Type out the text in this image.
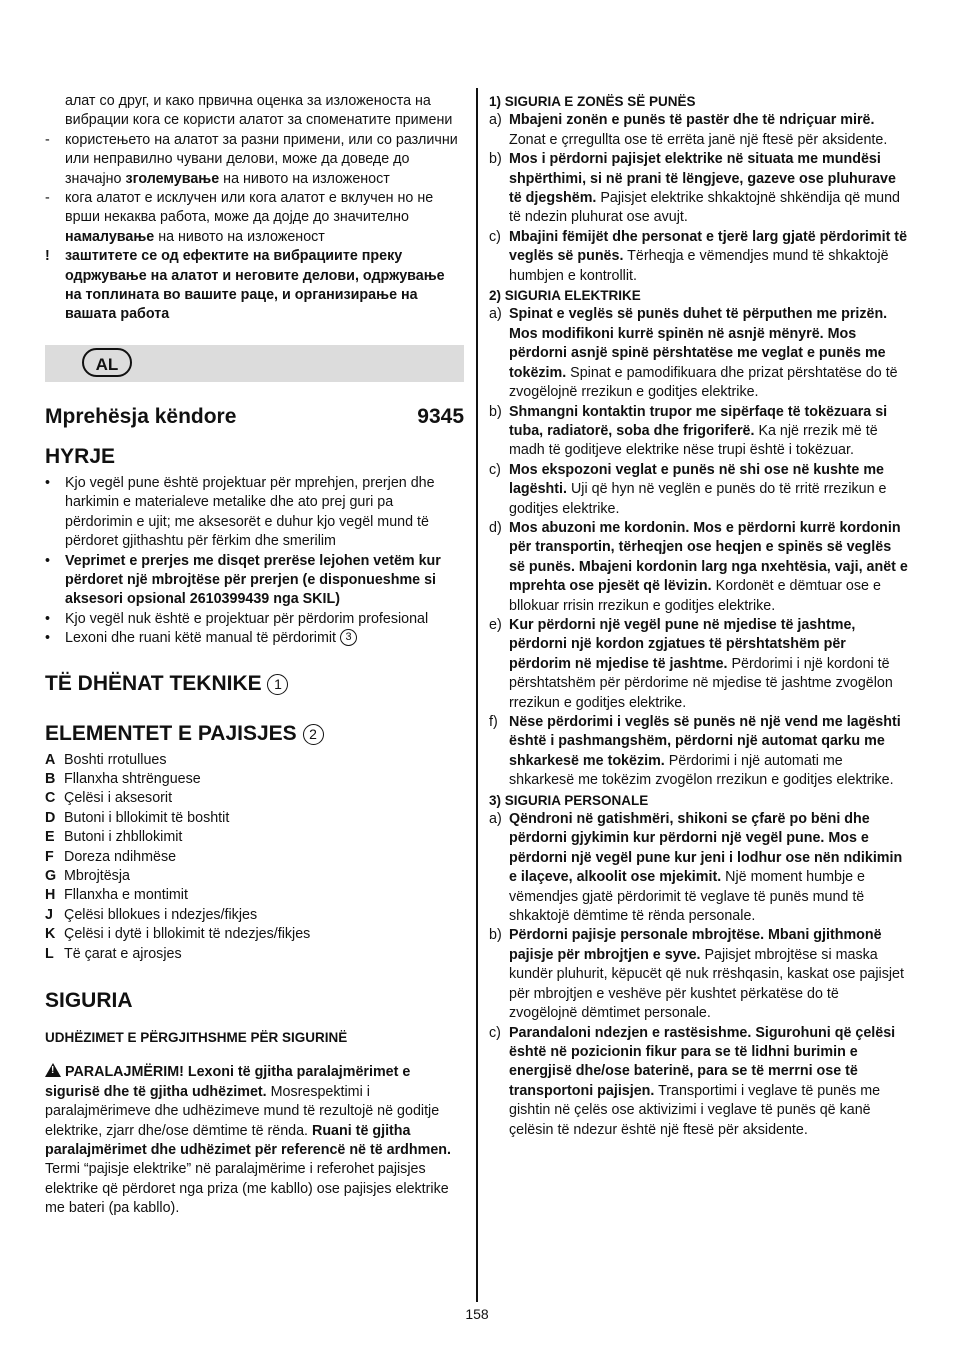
алат со друг, и како првична оценка за изложеноста на вибрации кога се користи алатот за споменатите примени

-	користењето на алатот за разни примени, или со различни или неправилно чувани делови, може да доведе до значајно зголемување на нивото на изложеност
-	кога алатот е исклучен или кога алатот е вклучен но не врши некаква работа, може да дојде до значително намалување на нивото на изложеност
!	заштитете се од ефектите на вибрациите преку одржување на алатот и неговите делови, одржување на топлината во вашите раце, и организирање на вашата работа
AL
Mprehësja këndore	9345
HYRJE
• Kjo vegël pune është projektuar për mprehjen, prerjen dhe harkimin e materialeve metalike dhe ato prej guri pa përdorimin e ujit; me aksesorët e duhur kjo vegël mund të përdoret gjithashtu për fërkim dhe smerilim
• Veprimet e prerjes me disqet prerëse lejohen vetëm kur përdoret një mbrojtëse për prerjen (e disponueshme si aksesori opsional 2610399439 nga SKIL)
• Kjo vegël nuk është e projektuar për përdorim profesional
• Lexoni dhe ruani këtë manual të përdorimit 3
TË DHËNAT TEKNIKE 1
ELEMENTET E PAJISJES 2
A Boshti rrotullues
B Fllanxha shtrënguese
C Çelësi i aksesorit
D Butoni i bllokimit të boshtit
E Butoni i zhbllokimit
F Doreza ndihmëse
G Mbrojtësja
H Fllanxha e montimit
J Çelësi bllokues i ndezjes/fikjes
K Çelësi i dytë i bllokimit të ndezjes/fikjes
L Të çarat e ajrosjes
SIGURIA

UDHËZIMET E PËRGJITHSHME PËR SIGURINË

!PARALAJMËRIM! Lexoni të gjitha paralajmërimet e sigurisë dhe të gjitha udhëzimet. Mosrespektimi i paralajmërimeve dhe udhëzimeve mund të rezultojë në goditje elektrike, zjarr dhe/ose dëmtime të rënda. Ruani të gjitha paralajmërimet dhe udhëzimet për referencë në të ardhmen. Termi “pajisje elektrike” në paralajmërime i referohet pajisjes elektrike që përdoret nga priza (me kabllo) ose pajisjes elektrike me bateri (pa kabllo).

1) SIGURIA E ZONËS SË PUNËS
a) Mbajeni zonën e punës të pastër dhe të ndriçuar mirë. Zonat e çrregullta ose të errëta janë një ftesë për aksidente.
b) Mos i përdorni pajisjet elektrike në situata me mundësi shpërthimi, si në prani të lëngjeve, gazeve ose pluhurave të djegshëm. Pajisjet elektrike shkaktojnë shkëndija që mund të ndezin pluhurat ose avujt.
c) Mbajini fëmijët dhe personat e tjerë larg gjatë përdorimit të veglës së punës. Tërheqja e vëmendjes mund të shkaktojë humbjen e kontrollit.
2) SIGURIA ELEKTRIKE
a) Spinat e veglës së punës duhet të përputhen me prizën. Mos modifikoni kurrë spinën në asnjë mënyrë. Mos përdorni asnjë spinë përshtatëse me veglat e punës me tokëzim. Spinat e pamodifikuara dhe prizat përshtatëse do të zvogëlojnë rrezikun e goditjes elektrike.
b) Shmangni kontaktin trupor me sipërfaqe të tokëzuara si tuba, radiatorë, soba dhe frigoriferë. Ka një rrezik më të madh të goditjeve elektrike nëse trupi është i tokëzuar.
c) Mos ekspozoni veglat e punës në shi ose në kushte me lagështi. Uji që hyn në veglën e punës do të rritë rrezikun e goditjes elektrike.
d) Mos abuzoni me kordonin. Mos e përdorni kurrë kordonin për transportin, tërheqjen ose heqjen e spinës së veglës së punës. Mbajeni kordonin larg nga nxehtësia, vaji, anët e mprehta ose pjesët që lëvizin. Kordonët e dëmtuar ose e bllokuar rrisin rrezikun e goditjes elektrike.
e) Kur përdorni një vegël pune në mjedise të jashtme, përdorni një kordon zgjatues të përshtatshëm për përdorim në mjedise të jashtme. Përdorimi i një kordoni të përshtatshëm për përdorime në mjedise të jashtme zvogëlon rrezikun e goditjes elektrike.
f) Nëse përdorimi i veglës së punës në një vend me lagështi është i pashmangshëm, përdorni një automat qarku me shkarkesë me tokëzim. Përdorimi i një automati me shkarkesë me tokëzim zvogëlon rrezikun e goditjes elektrike.
3) SIGURIA PERSONALE
a) Qëndroni në gatishmëri, shikoni se çfarë po bëni dhe përdorni gjykimin kur përdorni një vegël pune. Mos e përdorni një vegël pune kur jeni i lodhur ose nën ndikimin e ilaçeve, alkoolit ose mjekimit. Një moment humbje e vëmendjes gjatë përdorimit të veglave të punës mund të shkaktojë dëmtime të rënda personale.
b) Përdorni pajisje personale mbrojtëse. Mbani gjithmonë pajisje për mbrojtjen e syve. Pajisjet mbrojtëse si maska kundër pluhurit, këpucët që nuk rrëshqasin, kaskat ose pajisjet për mbrojtjen e veshëve për kushtet përkatëse do të zvogëlojnë dëmtimet personale.
c) Parandaloni ndezjen e rastësishme. Sigurohuni që çelësi është në pozicionin fikur para se të lidhni burimin e energjisë dhe/ose baterinë, para se të merrni ose të transportoni pajisjen. Transportimi i veglave të punës me gishtin në çelës ose aktivizimi i veglave të punës që kanë çelësin të ndezur është një ftesë për aksidente.
158
